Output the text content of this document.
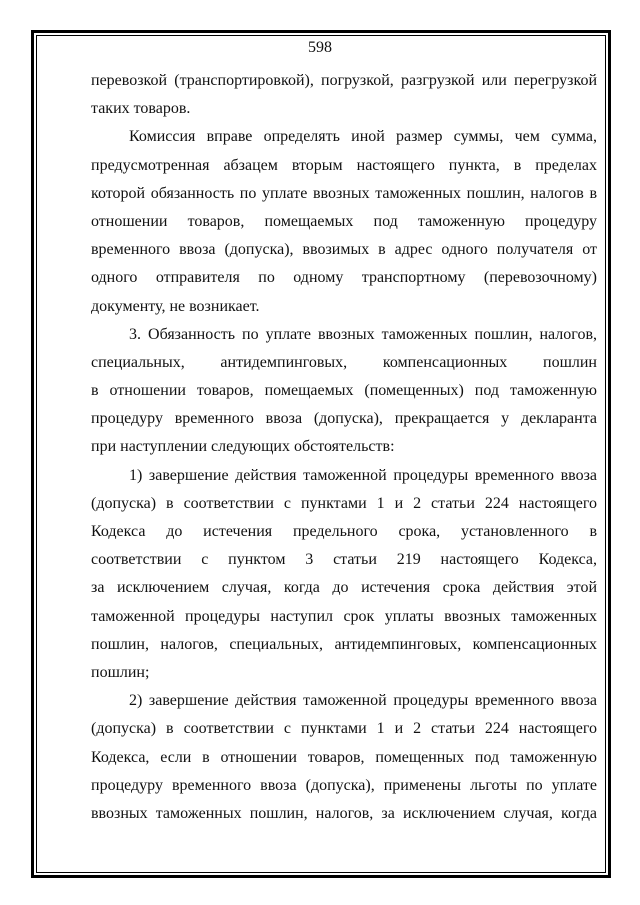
598
перевозкой (транспортировкой), погрузкой, разгрузкой или перегрузкой
таких товаров.
Комиссия вправе определять иной размер суммы, чем сумма,
предусмотренная абзацем вторым настоящего пункта, в пределах
которой обязанность по уплате ввозных таможенных пошлин, налогов в
отношении товаров, помещаемых под таможенную процедуру
временного ввоза (допуска), ввозимых в адрес одного получателя от
одного отправителя по одному транспортному (перевозочному)
документу, не возникает.
3. Обязанность по уплате ввозных таможенных пошлин, налогов,
специальных, антидемпинговых, компенсационных пошлин
в отношении товаров, помещаемых (помещенных) под таможенную
процедуру временного ввоза (допуска), прекращается у декларанта
при наступлении следующих обстоятельств:
1) завершение действия таможенной процедуры временного ввоза
(допуска) в соответствии с пунктами 1 и 2 статьи 224 настоящего
Кодекса до истечения предельного срока, установленного в
соответствии с пунктом 3 статьи 219 настоящего Кодекса,
за исключением случая, когда до истечения срока действия этой
таможенной процедуры наступил срок уплаты ввозных таможенных
пошлин, налогов, специальных, антидемпинговых, компенсационных
пошлин;
2) завершение действия таможенной процедуры временного ввоза
(допуска) в соответствии с пунктами 1 и 2 статьи 224 настоящего
Кодекса, если в отношении товаров, помещенных под таможенную
процедуру временного ввоза (допуска), применены льготы по уплате
ввозных таможенных пошлин, налогов, за исключением случая, когда
